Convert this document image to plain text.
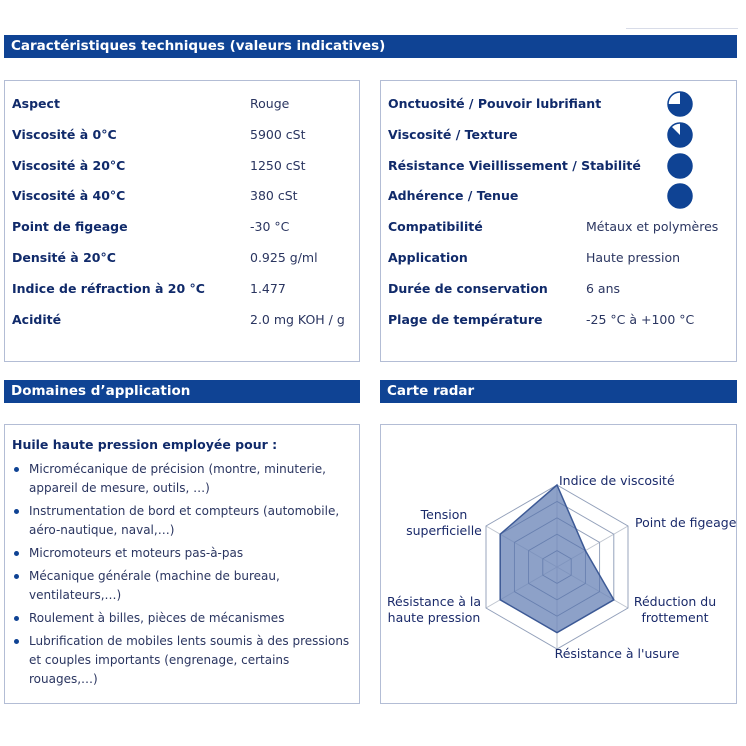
Caractéristiques techniques (valeurs indicatives)
Aspect	Rouge
Viscosité à 0°C	5900 cSt
Viscosité à 20°C	1250 cSt
Viscosité à 40°C	380 cSt
Point de figeage	-30 °C
Densité à 20°C	0.925 g/ml
Indice de réfraction à 20 °C	1.477
Acidité	2.0 mg KOH / g
Onctuosité / Pouvoir lubrifiant
Viscosité / Texture
Résistance Vieillissement / Stabilité
Adhérence / Tenue
Compatibilité	Métaux et polymères
Application	Haute pression
Durée de conservation	6 ans
Plage de température	-25 °C à +100 °C
Domaines d’application	Carte radar
Huile haute pression employée pour :
Micromécanique de précision (montre, minuterie, appareil de mesure, outils, …)
Instrumentation de bord et compteurs (automobile, aéro-nautique, naval,…)
Micromoteurs et moteurs pas-à-pas
Mécanique générale (machine de bureau, ventilateurs,…)
Roulement à billes, pièces de mécanismes
Lubrification de mobiles lents soumis à des pressions et couples importants (engrenage, certains rouages,…)
Indice de viscosité
Point de figeage
Réduction du frottement
Résistance à l'usure
Résistance à la haute pression
Tension superficielle
